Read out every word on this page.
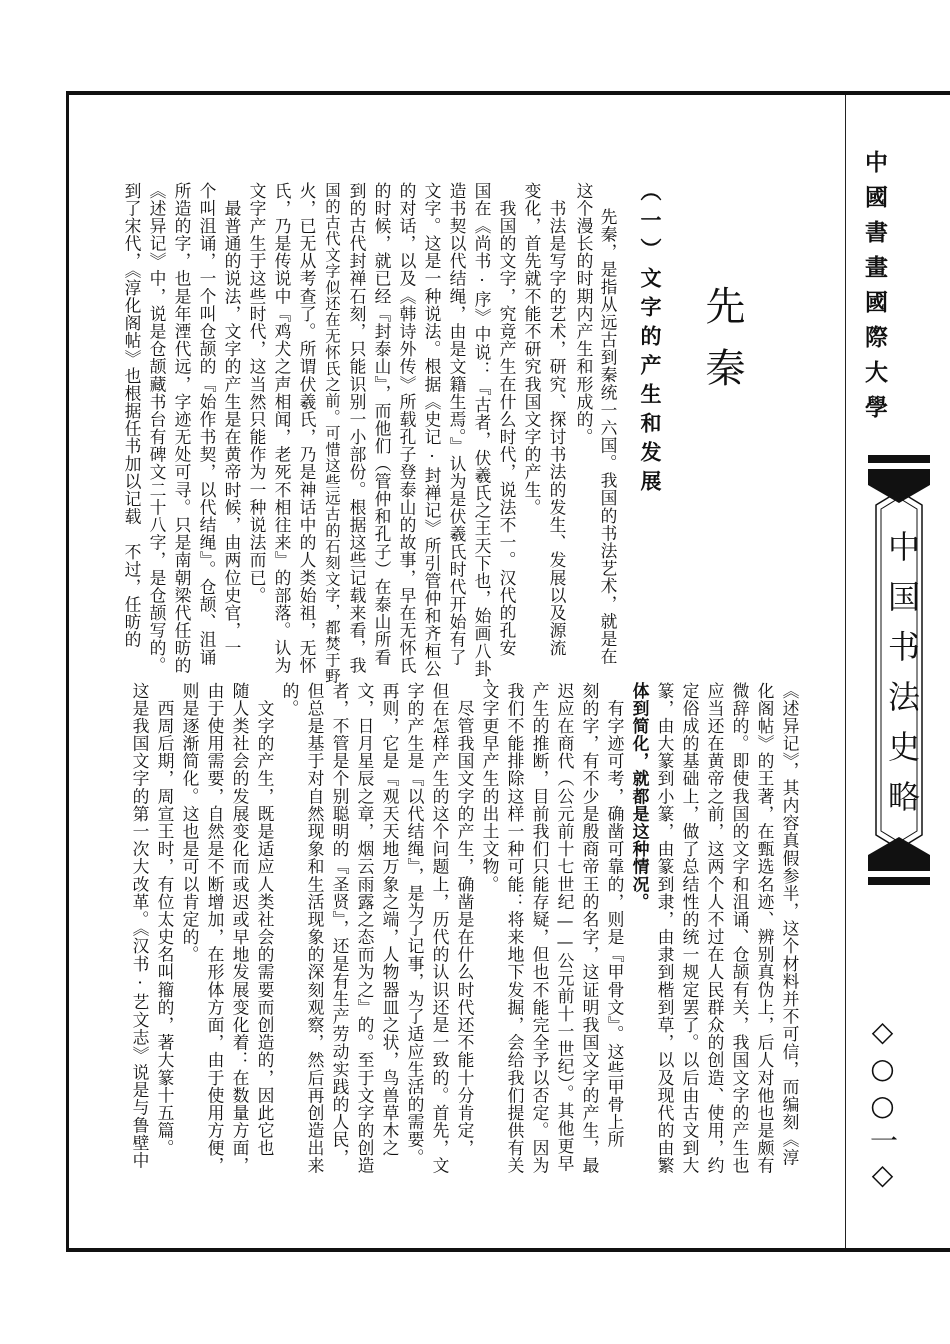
中國書畫國際大學
中国书法史略
◇○○一◇
先秦
（一）文字的产生和发展
先秦，是指从远古到秦统一六国。我国的书法艺术，就是在
这个漫长的时期内产生和形成的。
　书法是写字的艺术，研究、探讨书法的发生、发展以及源流
变化，首先就不能不研究我国文字的产生。
　我国的文字，究竟产生在什么时代，说法不一。汉代的孔安
国在《尚书·序》中说：『古者，伏羲氏之王天下也，始画八卦，
造书契以代结绳，由是文籍生焉。』认为是伏羲氏时代开始有了
文字。这是一种说法。根据《史记·封禅记》所引管仲和齐桓公
的对话，以及《韩诗外传》所载孔子登泰山的故事，早在无怀氏
的时候，就已经『封泰山』，而他们（管仲和孔子）在泰山所看
到的古代封禅石刻，只能识别一小部份。根据这些记载来看，我
国的古代文字似还在无怀氏之前。可惜这些远古的石刻文字，都焚于野
火，已无从考查了。所谓伏羲氏，乃是神话中的人类始祖，无怀
氏，乃是传说中『鸡犬之声相闻，老死不相往来』的部落。认为
文字产生于这些时代，这当然只能作为一种说法而已。
　最普通的说法，文字的产生是在黄帝时候，由两位史官，一
个叫沮诵，一个叫仓颉的『始作书契，以代结绳』。仓颉、沮诵
所造的字，也是年湮代远，字迹无处可寻。只是南朝梁代任昉的
《述异记》中，说是仓颉藏书台有碑文二十八字，是仓颉写的。
到了宋代，《淳化阁帖》也根据任书加以记载　不过，任昉的
《述异记》，其内容真假参半，这个材料并不可信，而编刻《淳
化阁帖》的王著，在甄选名迹、辨别真伪上，后人对他也是颇有
微辞的。即使我国的文字和沮诵、仓颉有关，我国文字的产生也
应当还在黄帝之前，这两个人不过在人民群众的创造、使用，约
定俗成的基础上，做了总结性的统一规定罢了。以后由古文到大
篆，由大篆到小篆，由篆到隶，由隶到楷到草，以及现代的由繁
体到简化，就都是这种情况。
　有字迹可考，确凿可靠的，则是『甲骨文』。这些甲骨上所
刻的字，有不少是殷商帝王的名字，这证明我国文字的产生，最
迟应在商代（公元前十七世纪——公元前十一世纪）。其他更早
产生的推断，目前我们只能存疑，但也不能完全予以否定。因为
我们不能排除这样一种可能：将来地下发掘，会给我们提供有关
文字更早产生的出土文物。
　尽管我国文字的产生，确凿是在什么时代还不能十分肯定，
但在怎样产生的这个问题上，历代的认识还是一致的。首先，文
字的产生是『以代结绳』，是为了记事，为了适应生活的需要。
再则，它是『观天天地万象之端，人物器皿之状，鸟兽草木之
文，日月星辰之章，烟云雨露之态而为之』的。至于文字的创造
者，不管是个别聪明的『圣贤』，还是有生产劳动实践的人民，
但总是基于对自然现象和生活现象的深刻观察，然后再创造出来
的。
　文字的产生，既是适应人类社会的需要而创造的，因此它也
随人类社会的发展变化而或迟或早地发展变化着：在数量方面，
由于使用需要，自然是不断增加，在形体方面，由于使用方便，
则是逐渐简化。这也是可以肯定的。
　西周后期，周宣王时，有位太史名叫籀的，著大篆十五篇。
这是我国文字的第一次大改革。《汉书·艺文志》说是与鲁壁中
